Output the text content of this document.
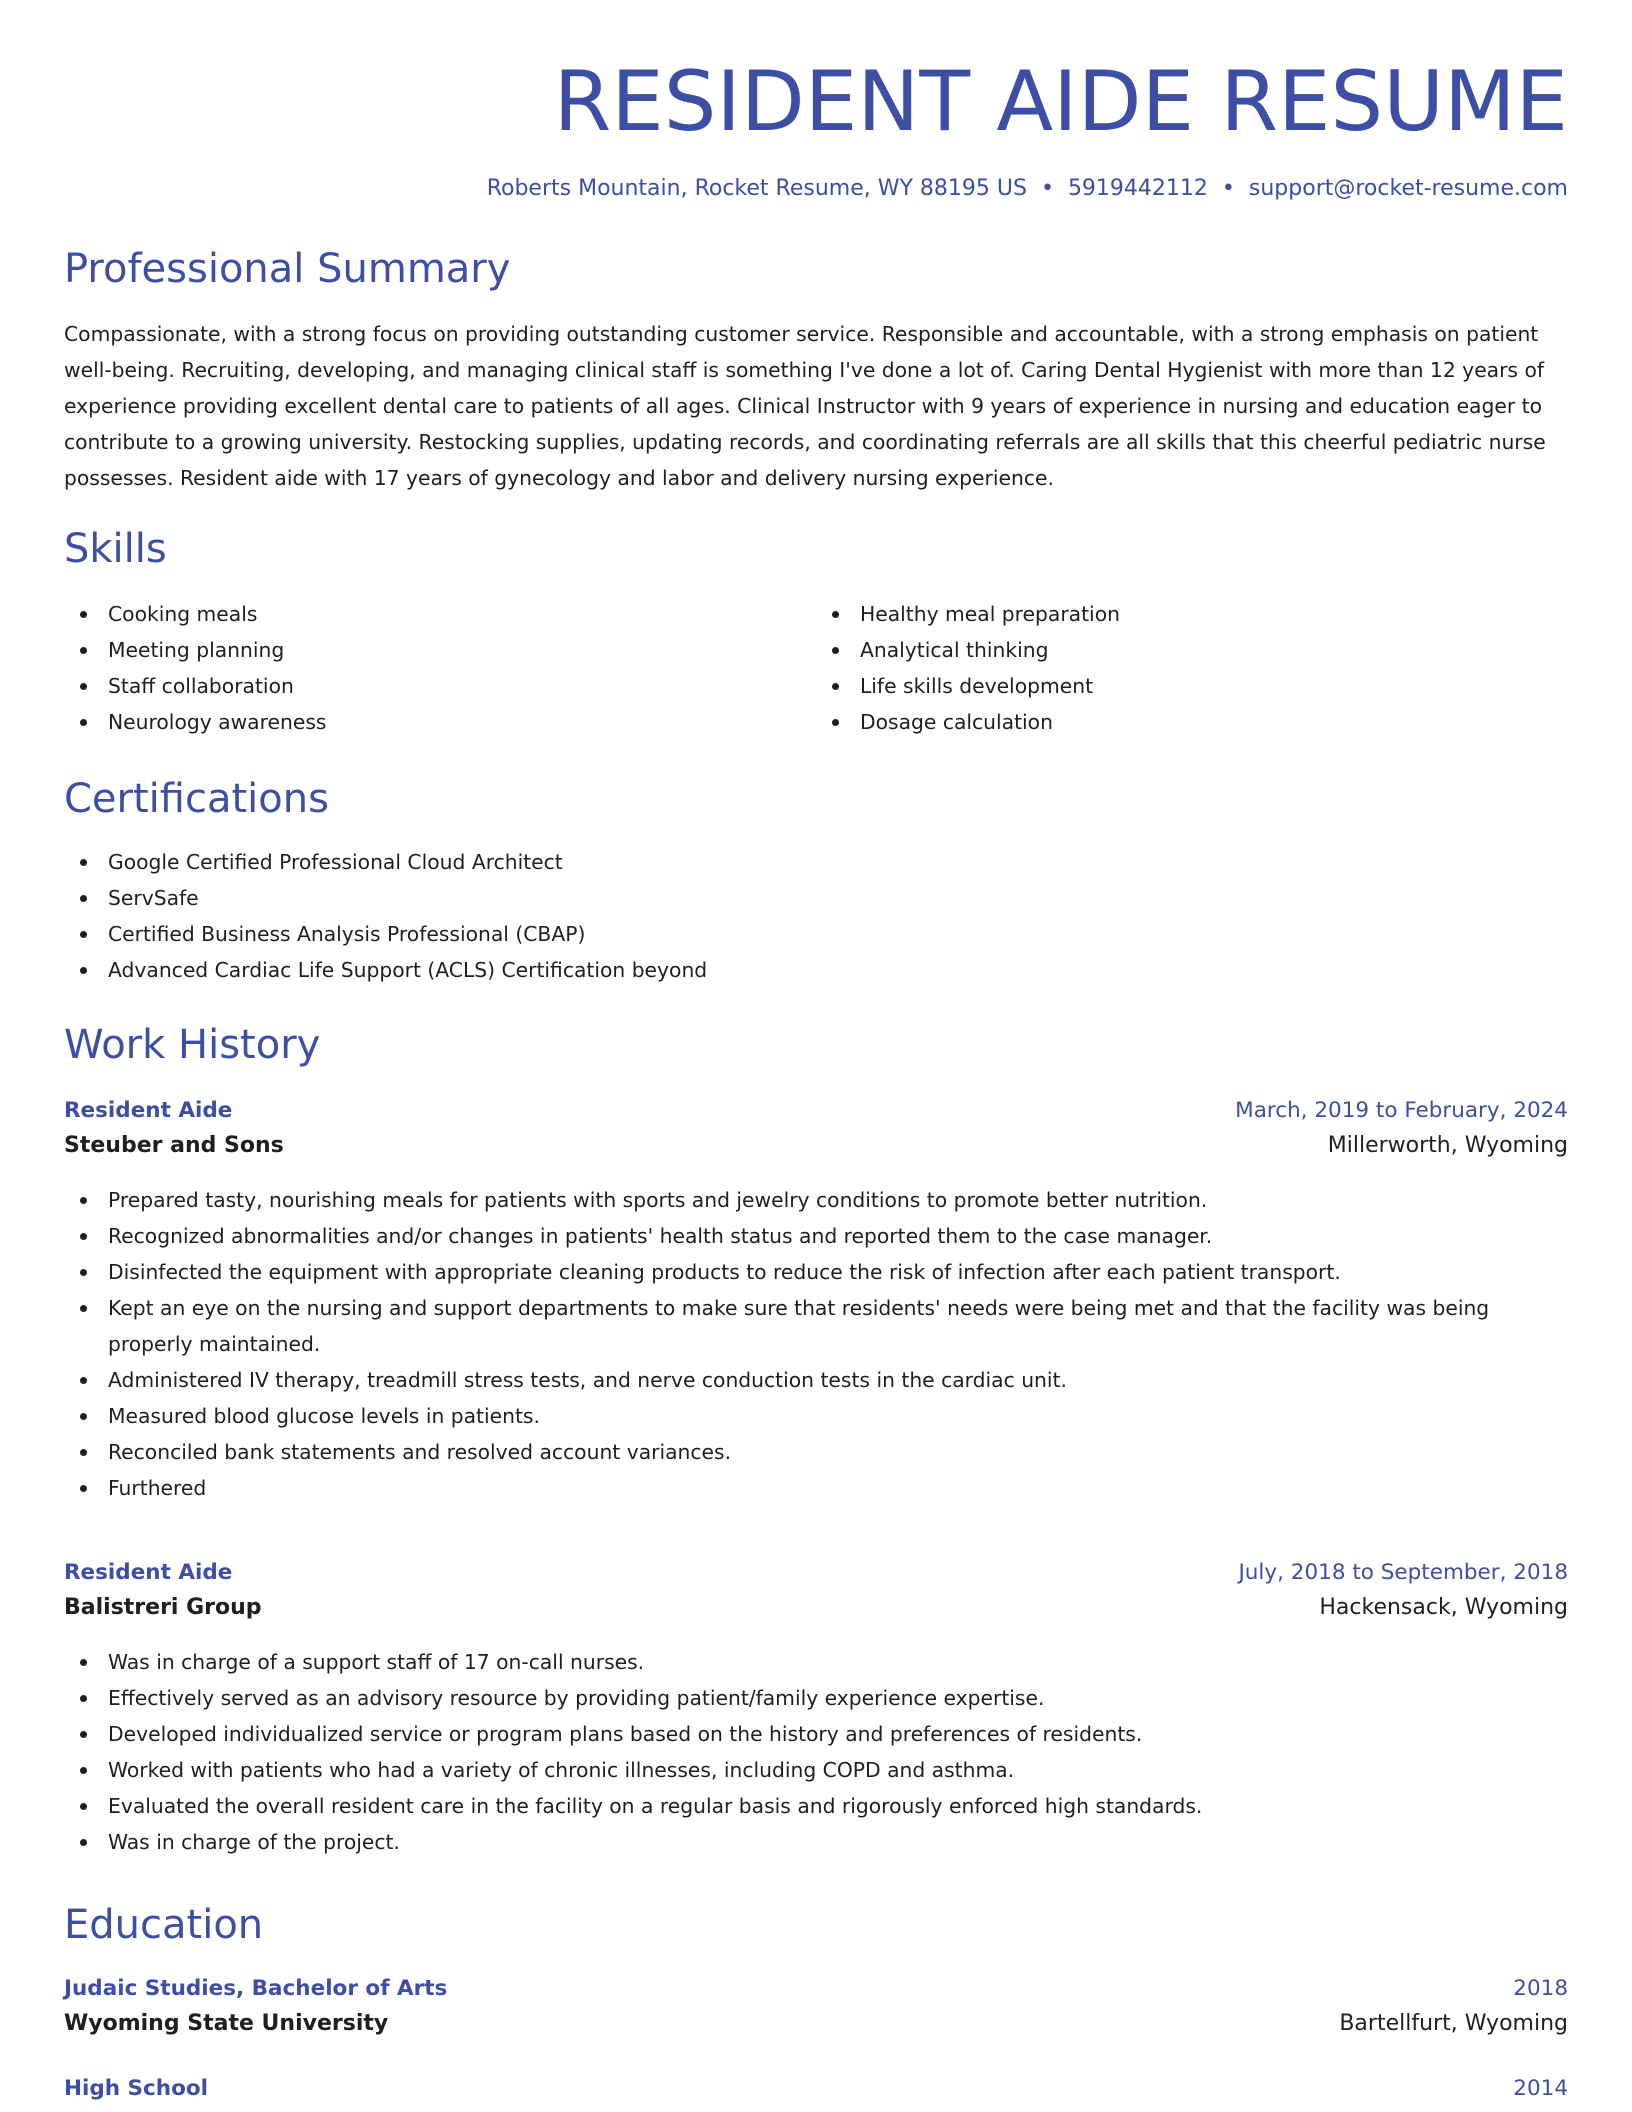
RESIDENT AIDE RESUME
Roberts Mountain, Rocket Resume, WY 88195 US • 5919442112 • support@rocket-resume.com
Professional Summary

Compassionate, with a strong focus on providing outstanding customer service. Responsible and accountable, with a strong emphasis on patient well-being. Recruiting, developing, and managing clinical staff is something I've done a lot of. Caring Dental Hygienist with more than 12 years of experience providing excellent dental care to patients of all ages. Clinical Instructor with 9 years of experience in nursing and education eager to contribute to a growing university. Restocking supplies, updating records, and coordinating referrals are all skills that this cheerful pediatric nurse possesses. Resident aide with 17 years of gynecology and labor and delivery nursing experience.

Skills
Cooking meals
Meeting planning
Staff collaboration
Neurology awareness
Healthy meal preparation
Analytical thinking
Life skills development
Dosage calculation
Certifications
Google Certified Professional Cloud Architect
ServSafe
Certified Business Analysis Professional (CBAP)
Advanced Cardiac Life Support (ACLS) Certification beyond
Work History
Resident Aide	March, 2019 to February, 2024
Steuber and Sons	Millerworth, Wyoming
Prepared tasty, nourishing meals for patients with sports and jewelry conditions to promote better nutrition.
Recognized abnormalities and/or changes in patients' health status and reported them to the case manager.
Disinfected the equipment with appropriate cleaning products to reduce the risk of infection after each patient transport.
Kept an eye on the nursing and support departments to make sure that residents' needs were being met and that the facility was being properly maintained.
Administered IV therapy, treadmill stress tests, and nerve conduction tests in the cardiac unit.
Measured blood glucose levels in patients.
Reconciled bank statements and resolved account variances.
Furthered
Resident Aide	July, 2018 to September, 2018
Balistreri Group	Hackensack, Wyoming
Was in charge of a support staff of 17 on-call nurses.
Effectively served as an advisory resource by providing patient/family experience expertise.
Developed individualized service or program plans based on the history and preferences of residents.
Worked with patients who had a variety of chronic illnesses, including COPD and asthma.
Evaluated the overall resident care in the facility on a regular basis and rigorously enforced high standards.
Was in charge of the project.
Education
Judaic Studies, Bachelor of Arts	2018
Wyoming State University	Bartellfurt, Wyoming
High School	2014
